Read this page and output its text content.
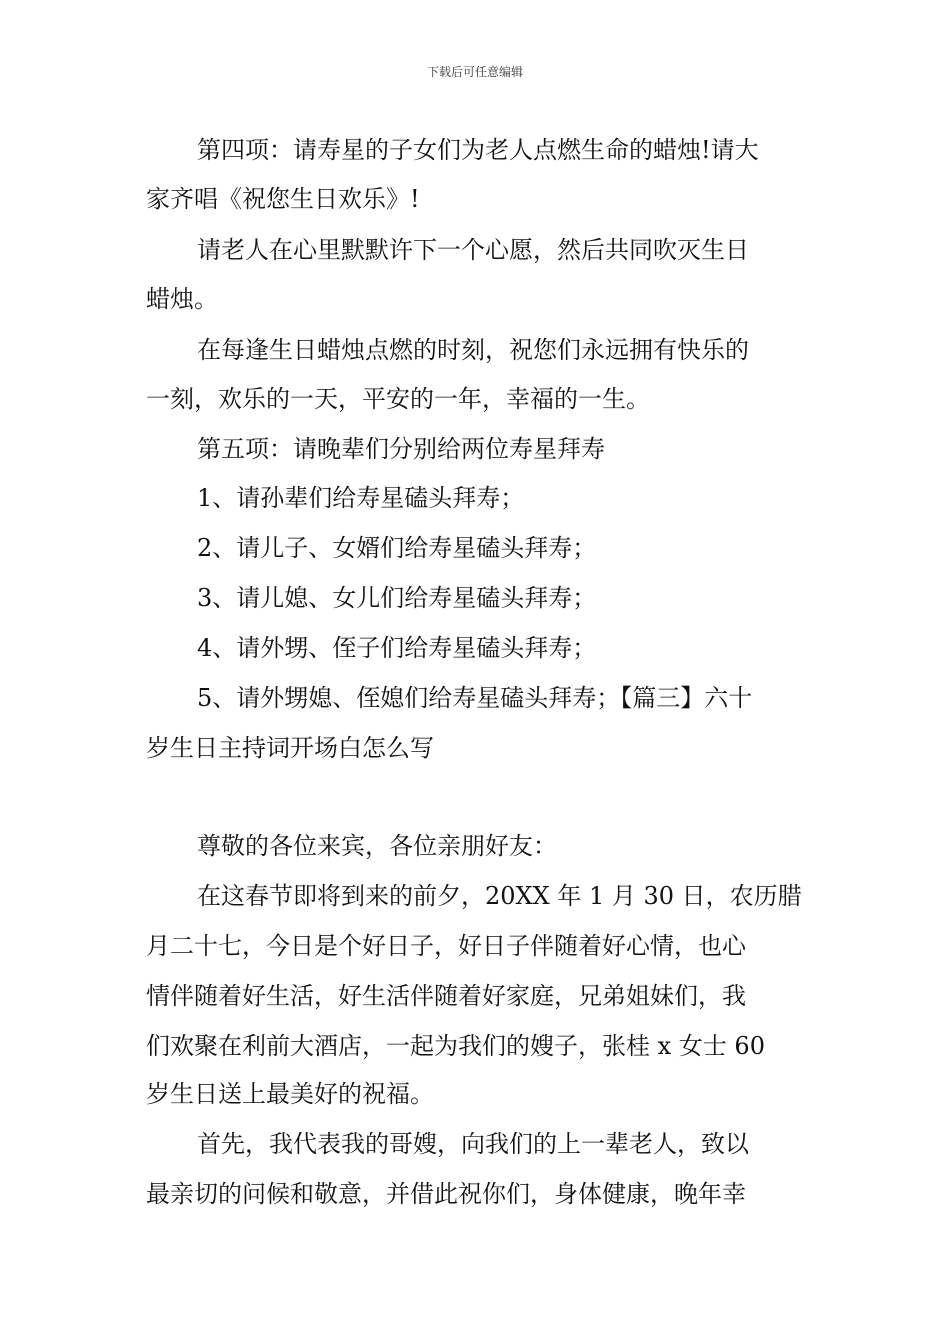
下载后可任意编辑
第四项：请寿星的子女们为老人点燃生命的蜡烛!请大
家齐唱《祝您生日欢乐》!
请老人在心里默默许下一个心愿，然后共同吹灭生日
蜡烛。
在每逢生日蜡烛点燃的时刻，祝您们永远拥有快乐的
一刻，欢乐的一天，平安的一年，幸福的一生。
第五项：请晚辈们分别给两位寿星拜寿
1、请孙辈们给寿星磕头拜寿；
2、请儿子、女婿们给寿星磕头拜寿；
3、请儿媳、女儿们给寿星磕头拜寿；
4、请外甥、侄子们给寿星磕头拜寿；
5、请外甥媳、侄媳们给寿星磕头拜寿；【篇三】六十
岁生日主持词开场白怎么写
尊敬的各位来宾，各位亲朋好友：
在这春节即将到来的前夕，20XX 年 1 月 30 日，农历腊
月二十七，今日是个好日子，好日子伴随着好心情，也心
情伴随着好生活，好生活伴随着好家庭，兄弟姐妹们，我
们欢聚在利前大酒店，一起为我们的嫂子，张桂 x 女士 60
岁生日送上最美好的祝福。
首先，我代表我的哥嫂，向我们的上一辈老人，致以
最亲切的问候和敬意，并借此祝你们，身体健康，晚年幸
